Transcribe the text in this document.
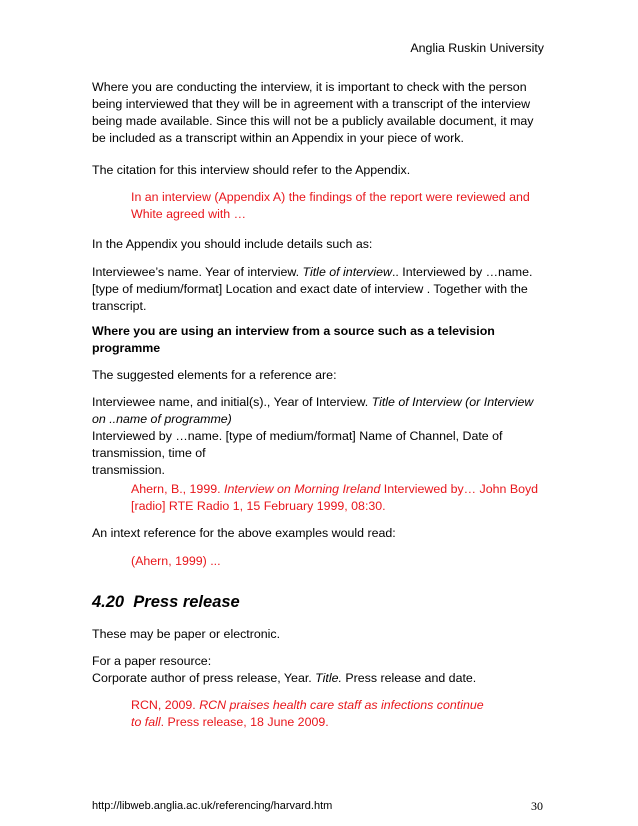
Anglia Ruskin University
Where you are conducting the interview, it is important to check with the person
being interviewed that they will be in agreement with a transcript of the interview
being made available. Since this will not be a publicly available document, it may
be included as a transcript within an Appendix in your piece of work.
The citation for this interview should refer to the Appendix.
In an interview (Appendix A) the findings of the report were reviewed and
White agreed with …
In the Appendix you should include details such as:
Interviewee’s name. Year of interview. Title of interview.. Interviewed by …name.
[type of medium/format] Location and exact date of interview . Together with the
transcript.
Where you are using an interview from a source such as a television
programme
The suggested elements for a reference are:
Interviewee name, and initial(s)., Year of Interview. Title of Interview (or Interview
on ..name of programme)
Interviewed by …name. [type of medium/format] Name of Channel, Date of
transmission, time of
transmission.
Ahern, B., 1999. Interview on Morning Ireland Interviewed by… John Boyd
[radio] RTE Radio 1, 15 February 1999, 08:30.
An intext reference for the above examples would read:
(Ahern, 1999) ...
4.20 Press release
These may be paper or electronic.
For a paper resource:
Corporate author of press release, Year. Title. Press release and date.
RCN, 2009. RCN praises health care staff as infections continue
to fall. Press release, 18 June 2009.
http://libweb.anglia.ac.uk/referencing/harvard.htm	30
